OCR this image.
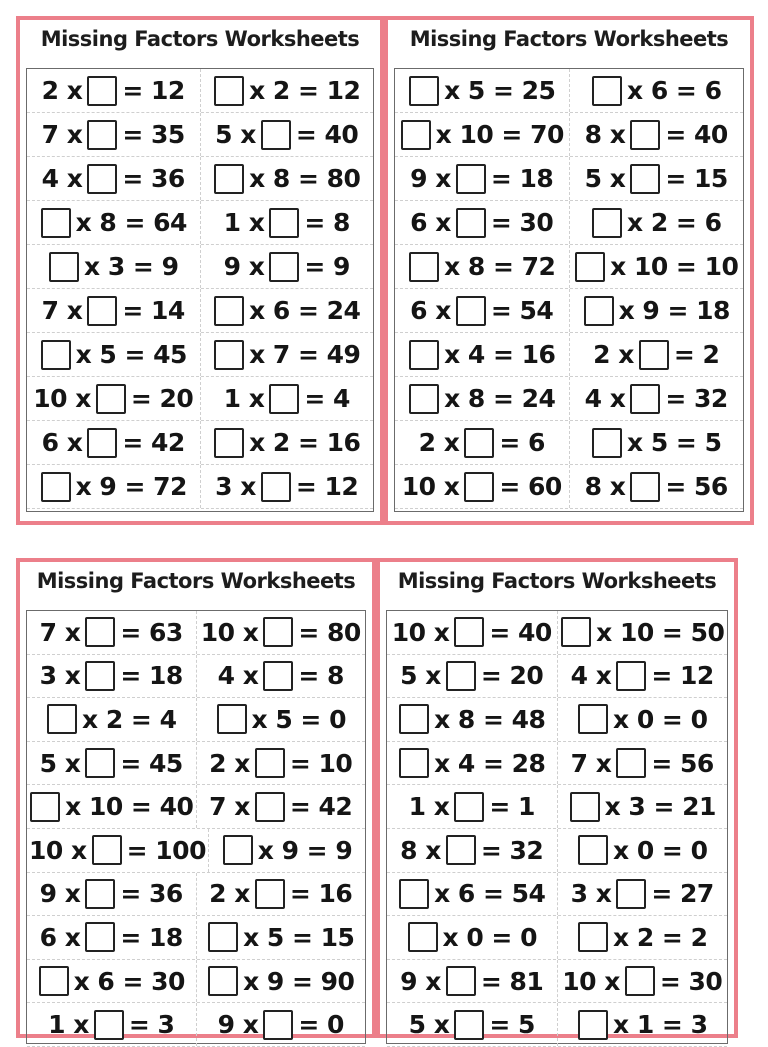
Missing Factors Worksheets
2 x = 12	x 2 = 12
7 x = 35 5 x = 40
4 x = 36	x 8 = 80
x 8 = 64 1 x = 8
x 3 = 9 9 x = 9
7 x = 14	x 6 = 24
x 5 = 45 x 7 = 49
10 x = 20 1 x = 4
6 x = 42	x 2 = 16
x 9 = 72 3 x = 12
Missing Factors Worksheets
x 5 = 25	x 6 = 6
x 10 = 70 8 x = 40
9 x = 18 5 x = 15
6 x = 30	x 2 = 6
x 8 = 72 x 10 = 10
6 x = 54	x 9 = 18
x 4 = 16 2 x = 2
x 8 = 24 4 x = 32
2 x = 6	x 5 = 5
10 x = 60 8 x = 56
Missing Factors Worksheets
7 x = 63 10 x = 80
3 x = 18 4 x = 8
x 2 = 4	x 5 = 0
5 x = 45 2 x = 10
x 10 = 40 7 x = 42
10 x = 100 x 9 = 9
9 x = 36 2 x = 16
6 x = 18 x 5 = 15
x 6 = 30 x 9 = 90
1 x = 3 9 x = 0
Missing Factors Worksheets
10 x = 40 x 10 = 50
5 x = 20 4 x = 12
x 8 = 48	x 0 = 0
x 4 = 28 7 x = 56
1 x = 1	x 3 = 21
8 x = 32	x 0 = 0
x 6 = 54 3 x = 27
x 0 = 0	x 2 = 2
9 x = 81 10 x = 30
5 x = 5	x 1 = 3
